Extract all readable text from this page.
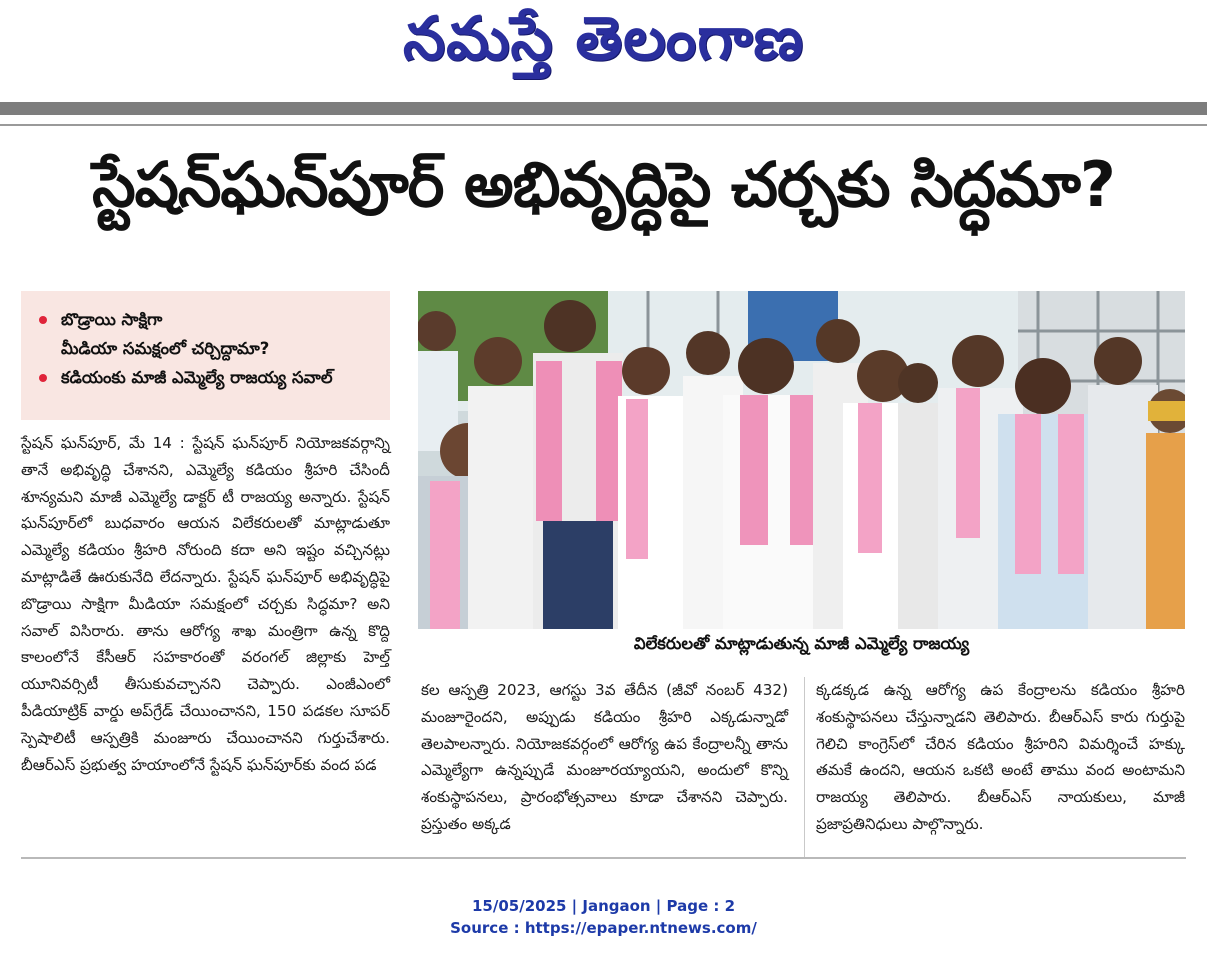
నమస్తే తెలంగాణ
స్టేషన్‌ఘన్‌పూర్‌ అభివృద్ధిపై చర్చకు సిద్ధమా?
బొడ్రాయి సాక్షిగా
మీడియా సమక్షంలో చర్చిద్దామా?
కడియంకు మాజీ ఎమ్మెల్యే రాజయ్య సవాల్‌
స్టేషన్‌ ఘన్‌పూర్‌, మే 14 : స్టేషన్‌ ఘన్‌పూర్‌ నియోజకవర్గాన్ని తానే అభివృద్ధి చేశానని, ఎమ్మెల్యే కడియం శ్రీహరి చేసిందీ శూన్యమని మాజీ ఎమ్మెల్యే డాక్టర్‌ టీ రాజయ్య అన్నారు. స్టేషన్‌ ఘన్‌పూర్‌లో బుధవారం ఆయన విలేకరులతో మాట్లాడుతూ ఎమ్మెల్యే కడియం శ్రీహరి నోరుంది కదా అని ఇష్టం వచ్చినట్లు మాట్లాడితే ఊరుకునేది లేదన్నారు. స్టేషన్‌ ఘన్‌పూర్‌ అభివృద్ధిపై బొడ్రాయి సాక్షిగా మీడియా సమక్షంలో చర్చకు సిద్ధమా? అని సవాల్‌ విసిరారు. తాను ఆరోగ్య శాఖ మంత్రిగా ఉన్న కొద్ది కాలంలోనే కేసీఆర్‌ సహకారంతో వరంగల్‌ జిల్లాకు హెల్త్‌ యూనివర్సిటీ తీసుకువచ్చానని చెప్పారు. ఎంజీఎంలో పీడియాట్రిక్‌ వార్డు అప్‌గ్రేడ్‌ చేయించానని, 150 పడకల సూపర్‌ స్పెషాలిటీ ఆస్పత్రికి మంజూరు చేయించానని గుర్తుచేశారు. బీఆర్‌ఎస్‌ ప్రభుత్వ హయాంలోనే స్టేషన్‌ ఘన్‌పూర్‌కు వంద పడ
విలేకరులతో మాట్లాడుతున్న మాజీ ఎమ్మెల్యే రాజయ్య
కల ఆస్పత్రి 2023, ఆగస్టు 3వ తేదీన (జీవో నంబర్‌ 432) మంజూరైందని, అప్పుడు కడియం శ్రీహరి ఎక్కడున్నాడో తెలపాలన్నారు. నియోజకవర్గంలో ఆరోగ్య ఉప కేంద్రాలన్నీ తాను ఎమ్మెల్యేగా ఉన్నప్పుడే మంజూరయ్యాయని, అందులో కొన్ని శంకుస్థాపనలు, ప్రారంభోత్సవాలు కూడా చేశానని చెప్పారు. ప్రస్తుతం అక్కడ
క్కడక్కడ ఉన్న ఆరోగ్య ఉప కేంద్రాలను కడియం శ్రీహరి శంకుస్థాపనలు చేస్తున్నాడని తెలిపారు. బీఆర్‌ఎస్‌ కారు గుర్తుపై గెలిచి కాంగ్రెస్‌లో చేరిన కడియం శ్రీహరిని విమర్శించే హక్కు తమకే ఉందని, ఆయన ఒకటి అంటే తాము వంద అంటామని రాజయ్య తెలిపారు. బీఆర్‌ఎస్‌ నాయకులు, మాజీ ప్రజాప్రతినిధులు పాల్గొన్నారు.
15/05/2025 | Jangaon | Page : 2
Source : https://epaper.ntnews.com/
